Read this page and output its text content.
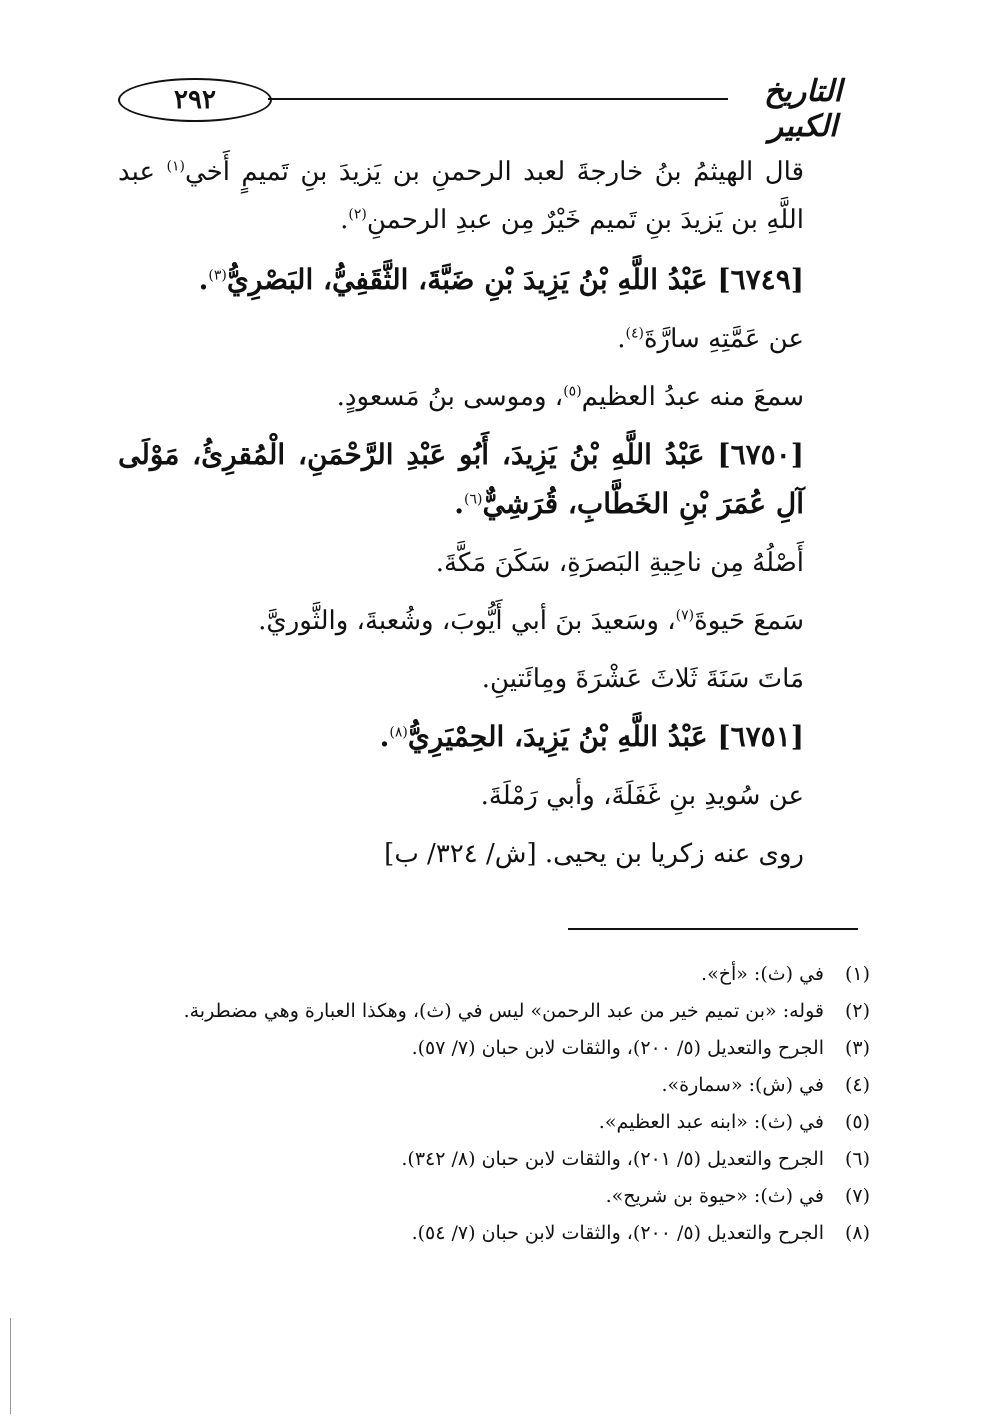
٢٩٢	التاريخ الكبير

قال الهيثمُ بنُ خارجةَ لعبد الرحمنِ بن يَزيدَ بنِ تَميمٍ أَخي$^{(١)}$ عبد اللَّهِ بن يَزيدَ بنِ تَميم خَيْرٌ مِن عبدِ الرحمنِ$^{(٢)}$.

[٦٧٤٩] عَبْدُ اللَّهِ بْنُ يَزِيدَ بْنِ ضَبَّةَ، الثَّقَفِيُّ، البَصْرِيُّ$^{(٣)}$.

عن عَمَّتِهِ سارَّةَ$^{(٤)}$.

سمعَ منه عبدُ العظيم$^{(٥)}$، وموسى بنُ مَسعودٍ.

[٦٧٥٠] عَبْدُ اللَّهِ بْنُ يَزِيدَ، أَبُو عَبْدِ الرَّحْمَنِ، الْمُقرِئُ، مَوْلَى آلِ عُمَرَ بْنِ الخَطَّابِ، قُرَشِيٌّ$^{(٦)}$.

أَصْلُهُ مِن ناحِيةِ البَصرَةِ، سَكَنَ مَكَّةَ.

سَمعَ حَيوةَ$^{(٧)}$، وسَعيدَ بنَ أبي أَيُّوبَ، وشُعبةَ، والثَّوريَّ.

مَاتَ سَنَةَ ثَلاثَ عَشْرَةَ ومِائَتينِ.

[٦٧٥١] عَبْدُ اللَّهِ بْنُ يَزِيدَ، الحِمْيَرِيُّ$^{(٨)}$.

عن سُويدِ بنِ غَفَلَةَ، وأبي رَمْلَةَ.

روى عنه زكريا بن يحيى. [ش/ ٣٢٤/ ب]

(١)
في (ث): «أخ».
(٢)
قوله: «بن تميم خير من عبد الرحمن» ليس في (ث)، وهكذا العبارة وهي مضطربة.
(٣)
الجرح والتعديل (٥/ ٢٠٠)، والثقات لابن حبان (٧/ ٥٧).
(٤)
في (ش): «سمارة».
(٥)
في (ث): «ابنه عبد العظيم».
(٦)
الجرح والتعديل (٥/ ٢٠١)، والثقات لابن حبان (٨/ ٣٤٢).
(٧)
في (ث): «حيوة بن شريح».
(٨)
الجرح والتعديل (٥/ ٢٠٠)، والثقات لابن حبان (٧/ ٥٤).
